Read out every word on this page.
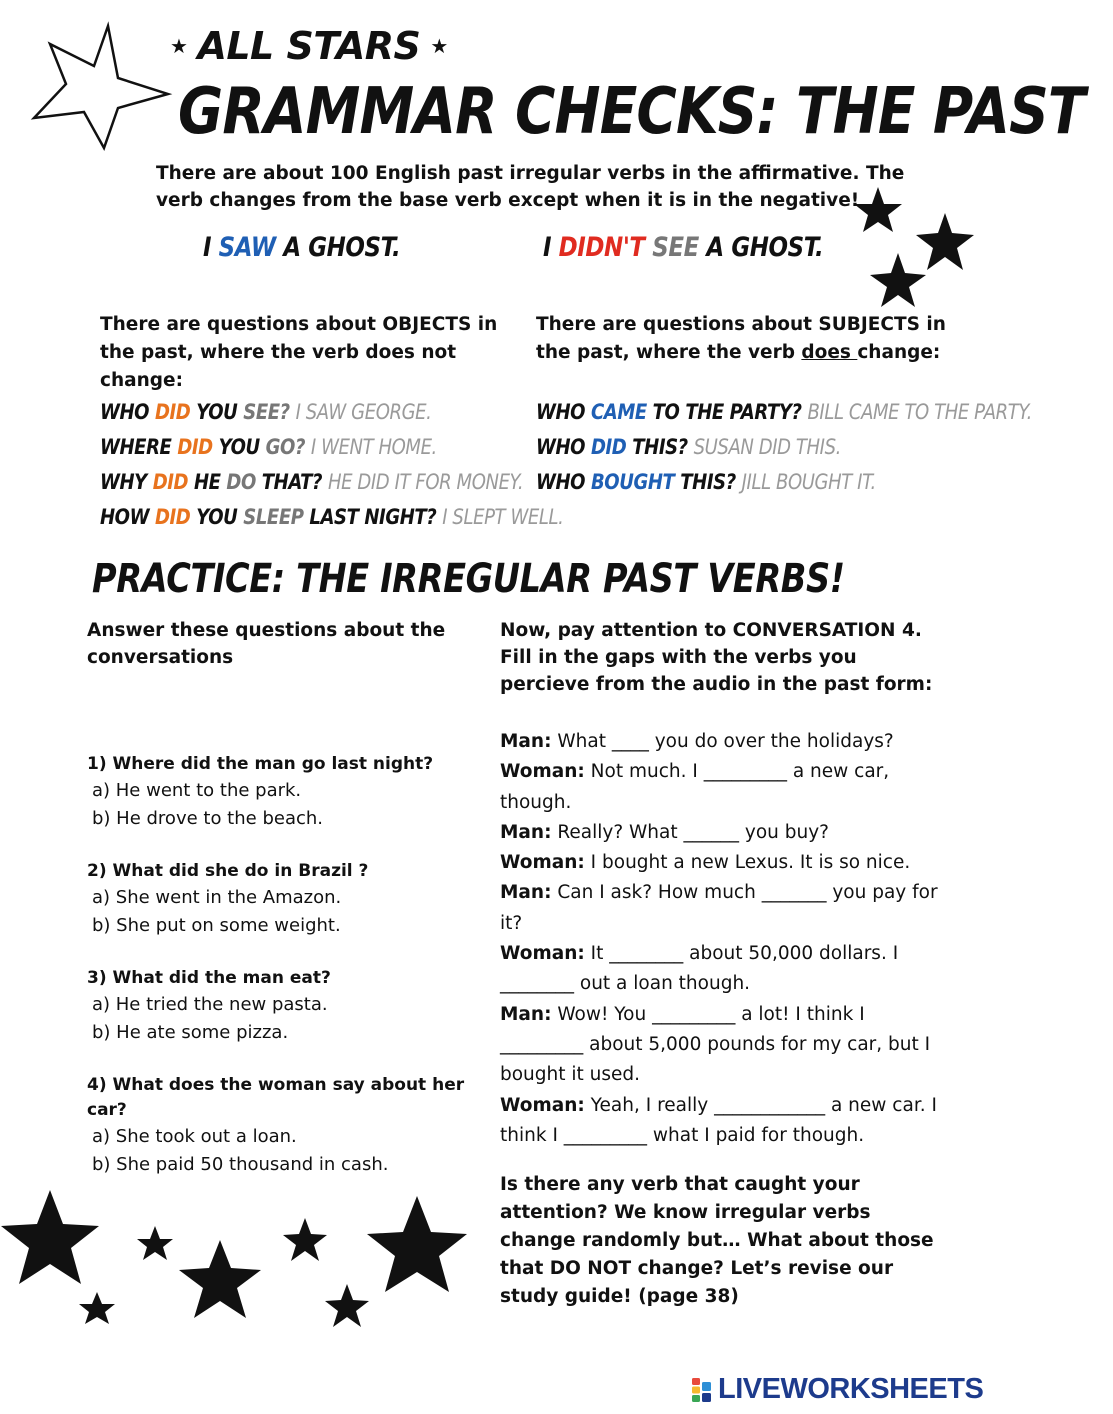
★ ALL STARS ★
GRAMMAR CHECKS: THE PAST
There are about 100 English past irregular verbs in the affirmative. The verb changes from the base verb except when it is in the negative!
I SAW A GHOST.	I DIDN'T SEE A GHOST.
There are questions about OBJECTS in the past, where the verb does not change:
There are questions about SUBJECTS in the past, where the verb does change:
WHO DID YOU SEE? I SAW GEORGE.
WHERE DID YOU GO? I WENT HOME.
WHY DID HE DO THAT? HE DID IT FOR MONEY.
HOW DID YOU SLEEP LAST NIGHT? I SLEPT WELL.
WHO CAME TO THE PARTY? BILL CAME TO THE PARTY.
WHO DID THIS? SUSAN DID THIS.
WHO BOUGHT THIS? JILL BOUGHT IT.
PRACTICE: THE IRREGULAR PAST VERBS!
Answer these questions about the conversations
1) Where did the man go last night?
a) He went to the park.
b) He drove to the beach.
2) What did she do in Brazil ?
a) She went in the Amazon.
b) She put on some weight.
3) What did the man eat?
a) He tried the new pasta.
b) He ate some pizza.
4) What does the woman say about her car?
a) She took out a loan.
b) She paid 50 thousand in cash.
Now, pay attention to CONVERSATION 4. Fill in the gaps with the verbs you percieve from the audio in the past form:
Man: What ____ you do over the holidays?
Woman: Not much. I _________ a new car, though.
Man: Really? What ______ you buy?
Woman: I bought a new Lexus. It is so nice.
Man: Can I ask? How much _______ you pay for it?
Woman: It ________ about 50,000 dollars. I ________ out a loan though.
Man: Wow! You _________ a lot! I think I _________ about 5,000 pounds for my car, but I bought it used.
Woman: Yeah, I really ____________ a new car. I think I _________ what I paid for though.
Is there any verb that caught your attention? We know irregular verbs change randomly but… What about those that DO NOT change? Let’s revise our study guide! (page 38)
LIVEWORKSHEETS
